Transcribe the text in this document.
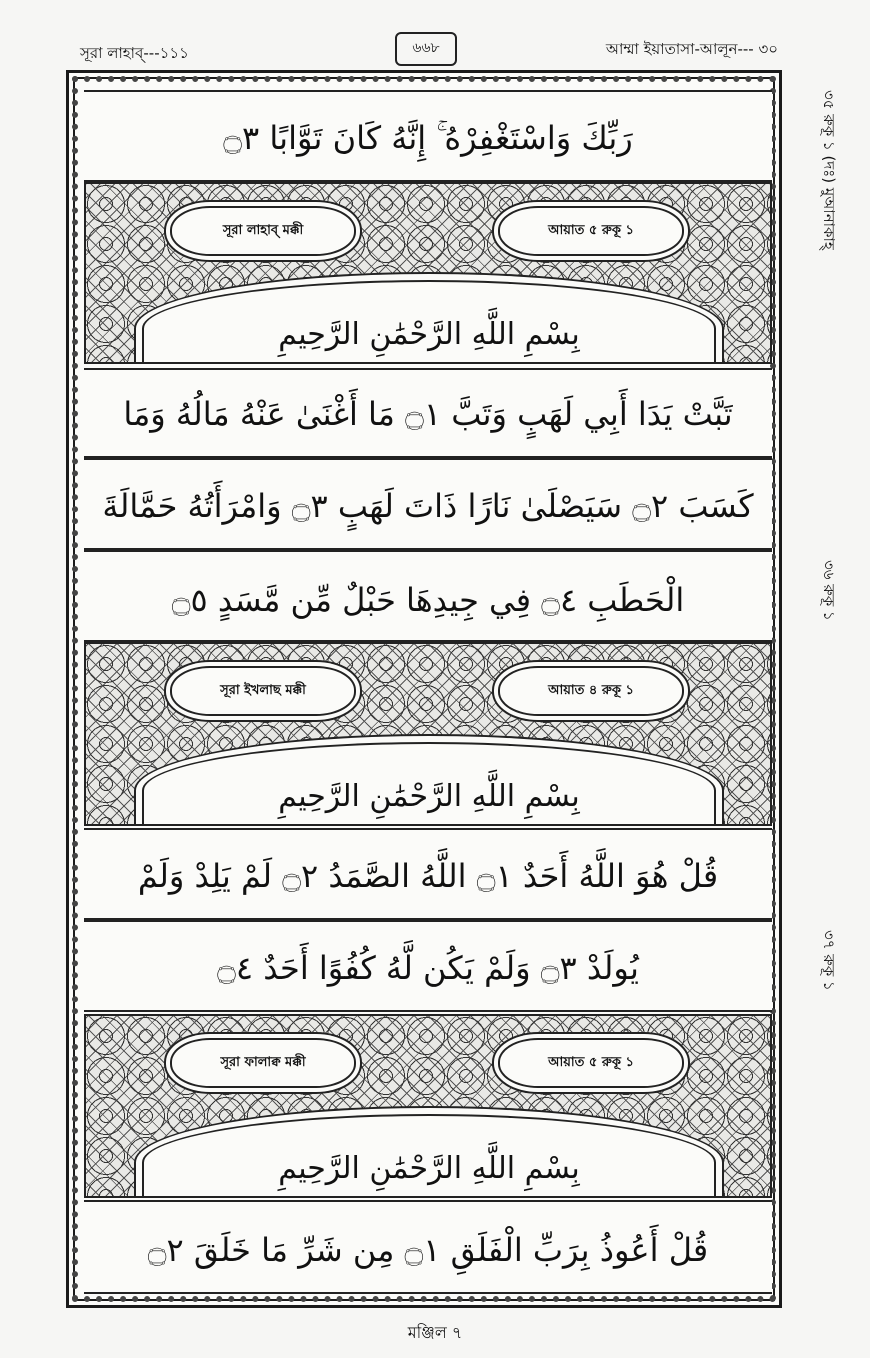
সূরা লাহাব্‌---১১১	৬৬৮	আম্মা ইয়াতাসা-আলূন--- ৩০
رَبِّكَ وَاسْتَغْفِرْهُ ۚ إِنَّهُ كَانَ تَوَّابًا ۝٣
সূরা লাহাব্‌ মক্কী	আয়াত ৫ রুকূ ১
بِسْمِ اللَّهِ الرَّحْمَٰنِ الرَّحِيمِ
تَبَّتْ يَدَا أَبِي لَهَبٍ وَتَبَّ ۝١ مَا أَغْنَىٰ عَنْهُ مَالُهُ وَمَا
كَسَبَ ۝٢ سَيَصْلَىٰ نَارًا ذَاتَ لَهَبٍ ۝٣ وَامْرَأَتُهُ حَمَّالَةَ
الْحَطَبِ ۝٤ فِي جِيدِهَا حَبْلٌ مِّن مَّسَدٍ ۝٥
সূরা ইখলাছ মক্কী	আয়াত ৪ রুকূ ১
بِسْمِ اللَّهِ الرَّحْمَٰنِ الرَّحِيمِ
قُلْ هُوَ اللَّهُ أَحَدٌ ۝١ اللَّهُ الصَّمَدُ ۝٢ لَمْ يَلِدْ وَلَمْ
يُولَدْ ۝٣ وَلَمْ يَكُن لَّهُ كُفُوًا أَحَدٌ ۝٤
সূরা ফালাক্ব মক্কী	আয়াত ৫ রুকূ ১
بِسْمِ اللَّهِ الرَّحْمَٰنِ الرَّحِيمِ
قُلْ أَعُوذُ بِرَبِّ الْفَلَقِ ۝١ مِن شَرِّ مَا خَلَقَ ۝٢
৩৫ রুকূ ১ (দঃ) মুআনাকাহ্‌
৩৬ রুকূ ১
৩৭ রুকূ ১
মঞ্জিল ৭
